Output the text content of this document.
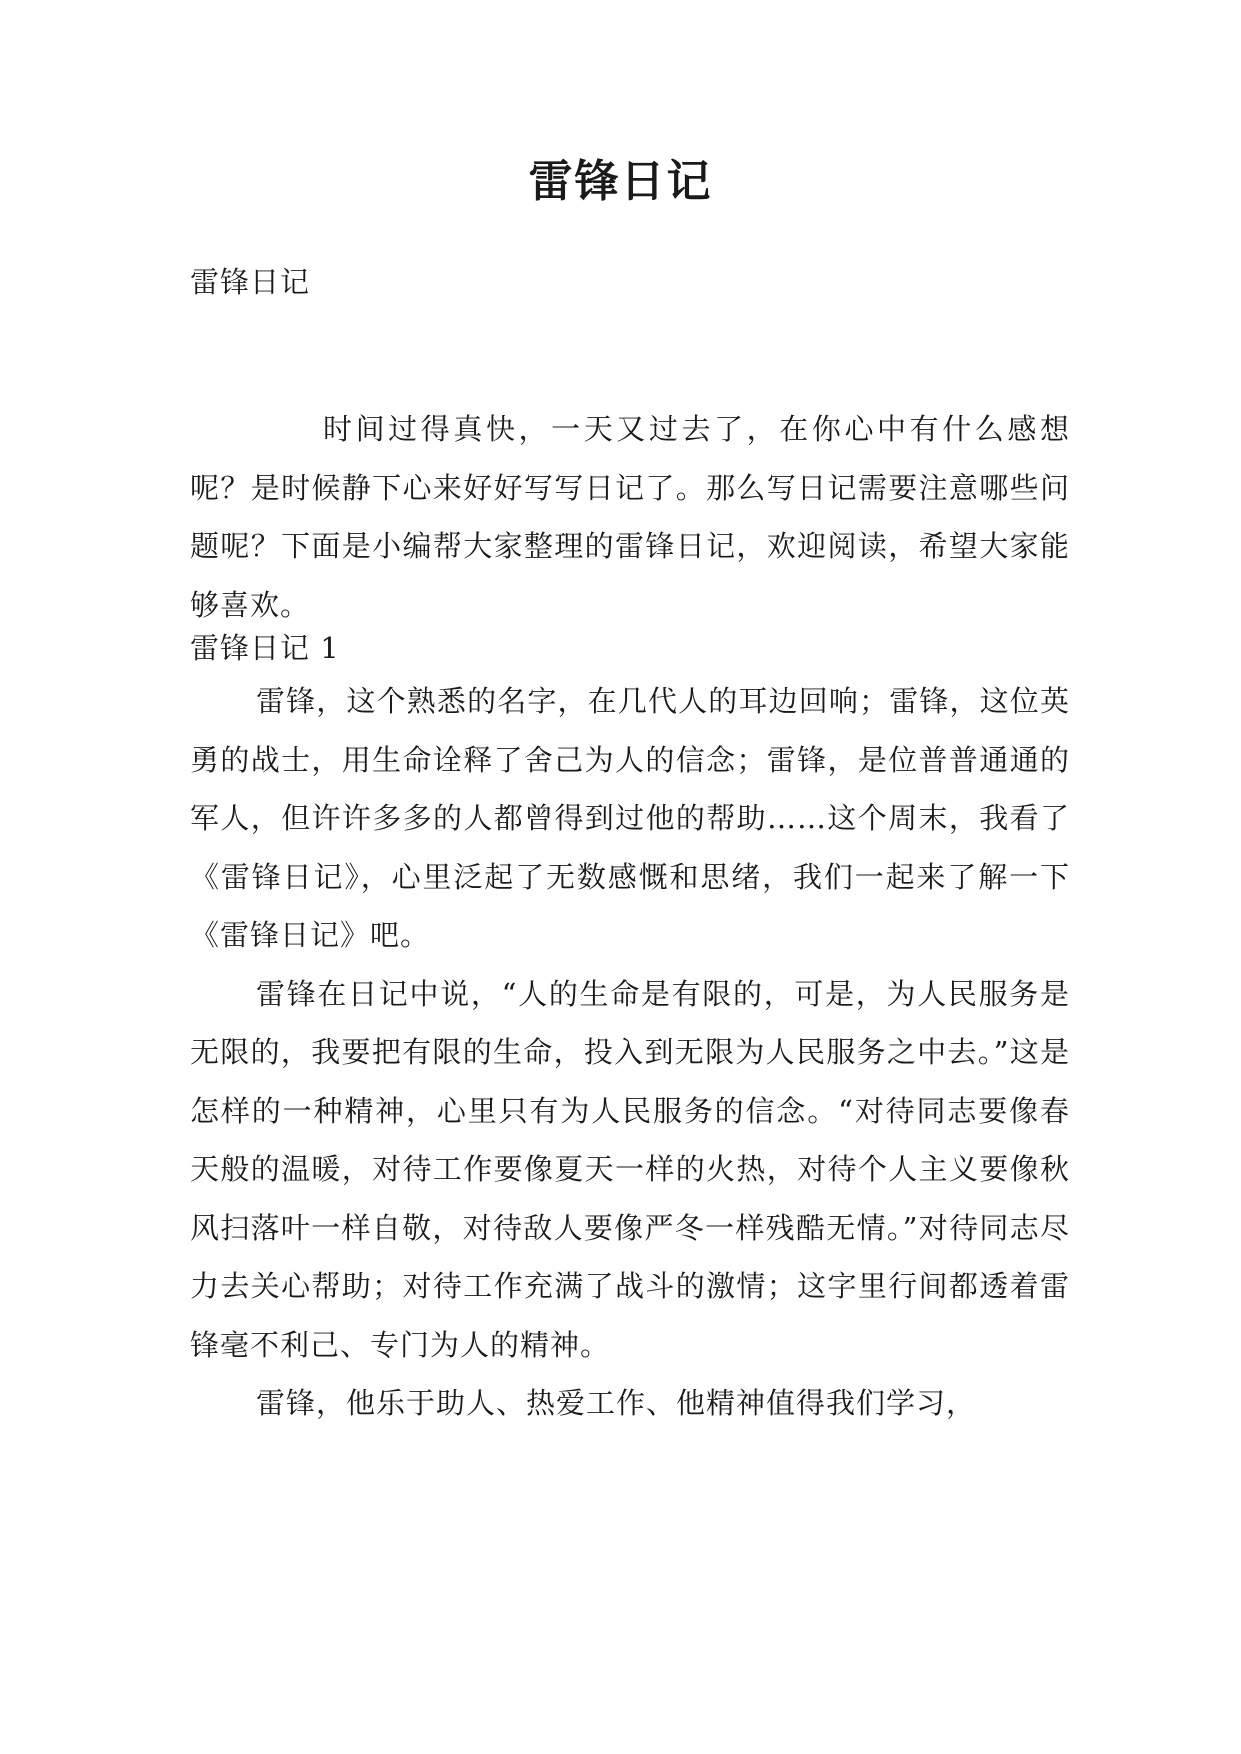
雷锋日记
雷锋日记

时间过得真快，一天又过去了，在你心中有什么感想呢？是时候静下心来好好写写日记了。那么写日记需要注意哪些问题呢？下面是小编帮大家整理的雷锋日记，欢迎阅读，希望大家能够喜欢。

雷锋日记 1

雷锋，这个熟悉的名字，在几代人的耳边回响；雷锋，这位英勇的战士，用生命诠释了舍己为人的信念；雷锋，是位普普通通的军人，但许许多多的人都曾得到过他的帮助……这个周末，我看了《雷锋日记》，心里泛起了无数感慨和思绪，我们一起来了解一下《雷锋日记》吧。

雷锋在日记中说，“人的生命是有限的，可是，为人民服务是无限的，我要把有限的生命，投入到无限为人民服务之中去。”这是怎样的一种精神，心里只有为人民服务的信念。“对待同志要像春天般的温暖，对待工作要像夏天一样的火热，对待个人主义要像秋风扫落叶一样自敬，对待敌人要像严冬一样残酷无情。”对待同志尽力去关心帮助；对待工作充满了战斗的激情；这字里行间都透着雷锋毫不利己、专门为人的精神。

雷锋，他乐于助人、热爱工作、他精神值得我们学习，
